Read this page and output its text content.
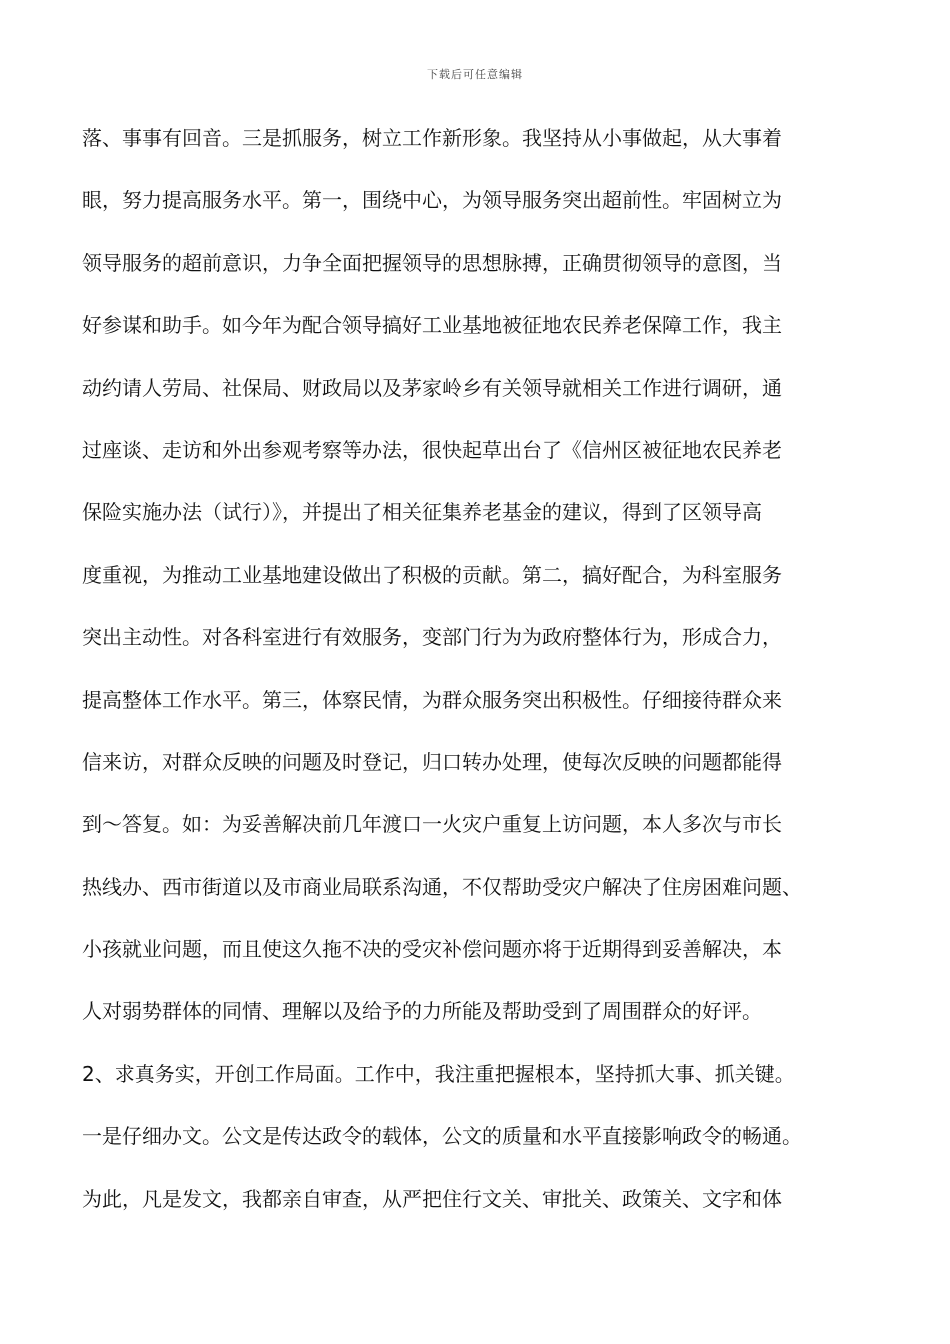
下载后可任意编辑
落、事事有回音。三是抓服务，树立工作新形象。我坚持从小事做起，从大事着
眼，努力提高服务水平。第一，围绕中心，为领导服务突出超前性。牢固树立为
领导服务的超前意识，力争全面把握领导的思想脉搏，正确贯彻领导的意图，当
好参谋和助手。如今年为配合领导搞好工业基地被征地农民养老保障工作，我主
动约请人劳局、社保局、财政局以及茅家岭乡有关领导就相关工作进行调研，通
过座谈、走访和外出参观考察等办法，很快起草出台了《信州区被征地农民养老
保险实施办法（试行）》，并提出了相关征集养老基金的建议，得到了区领导高
度重视，为推动工业基地建设做出了积极的贡献。第二，搞好配合，为科室服务
突出主动性。对各科室进行有效服务，变部门行为为政府整体行为，形成合力，
提高整体工作水平。第三，体察民情，为群众服务突出积极性。仔细接待群众来
信来访，对群众反映的问题及时登记，归口转办处理，使每次反映的问题都能得
到～答复。如：为妥善解决前几年渡口一火灾户重复上访问题，本人多次与市长
热线办、西市街道以及市商业局联系沟通，不仅帮助受灾户解决了住房困难问题、
小孩就业问题，而且使这久拖不决的受灾补偿问题亦将于近期得到妥善解决，本
人对弱势群体的同情、理解以及给予的力所能及帮助受到了周围群众的好评。
2、求真务实，开创工作局面。工作中，我注重把握根本，坚持抓大事、抓关键。
一是仔细办文。公文是传达政令的载体，公文的质量和水平直接影响政令的畅通。
为此，凡是发文，我都亲自审查，从严把住行文关、审批关、政策关、文字和体
